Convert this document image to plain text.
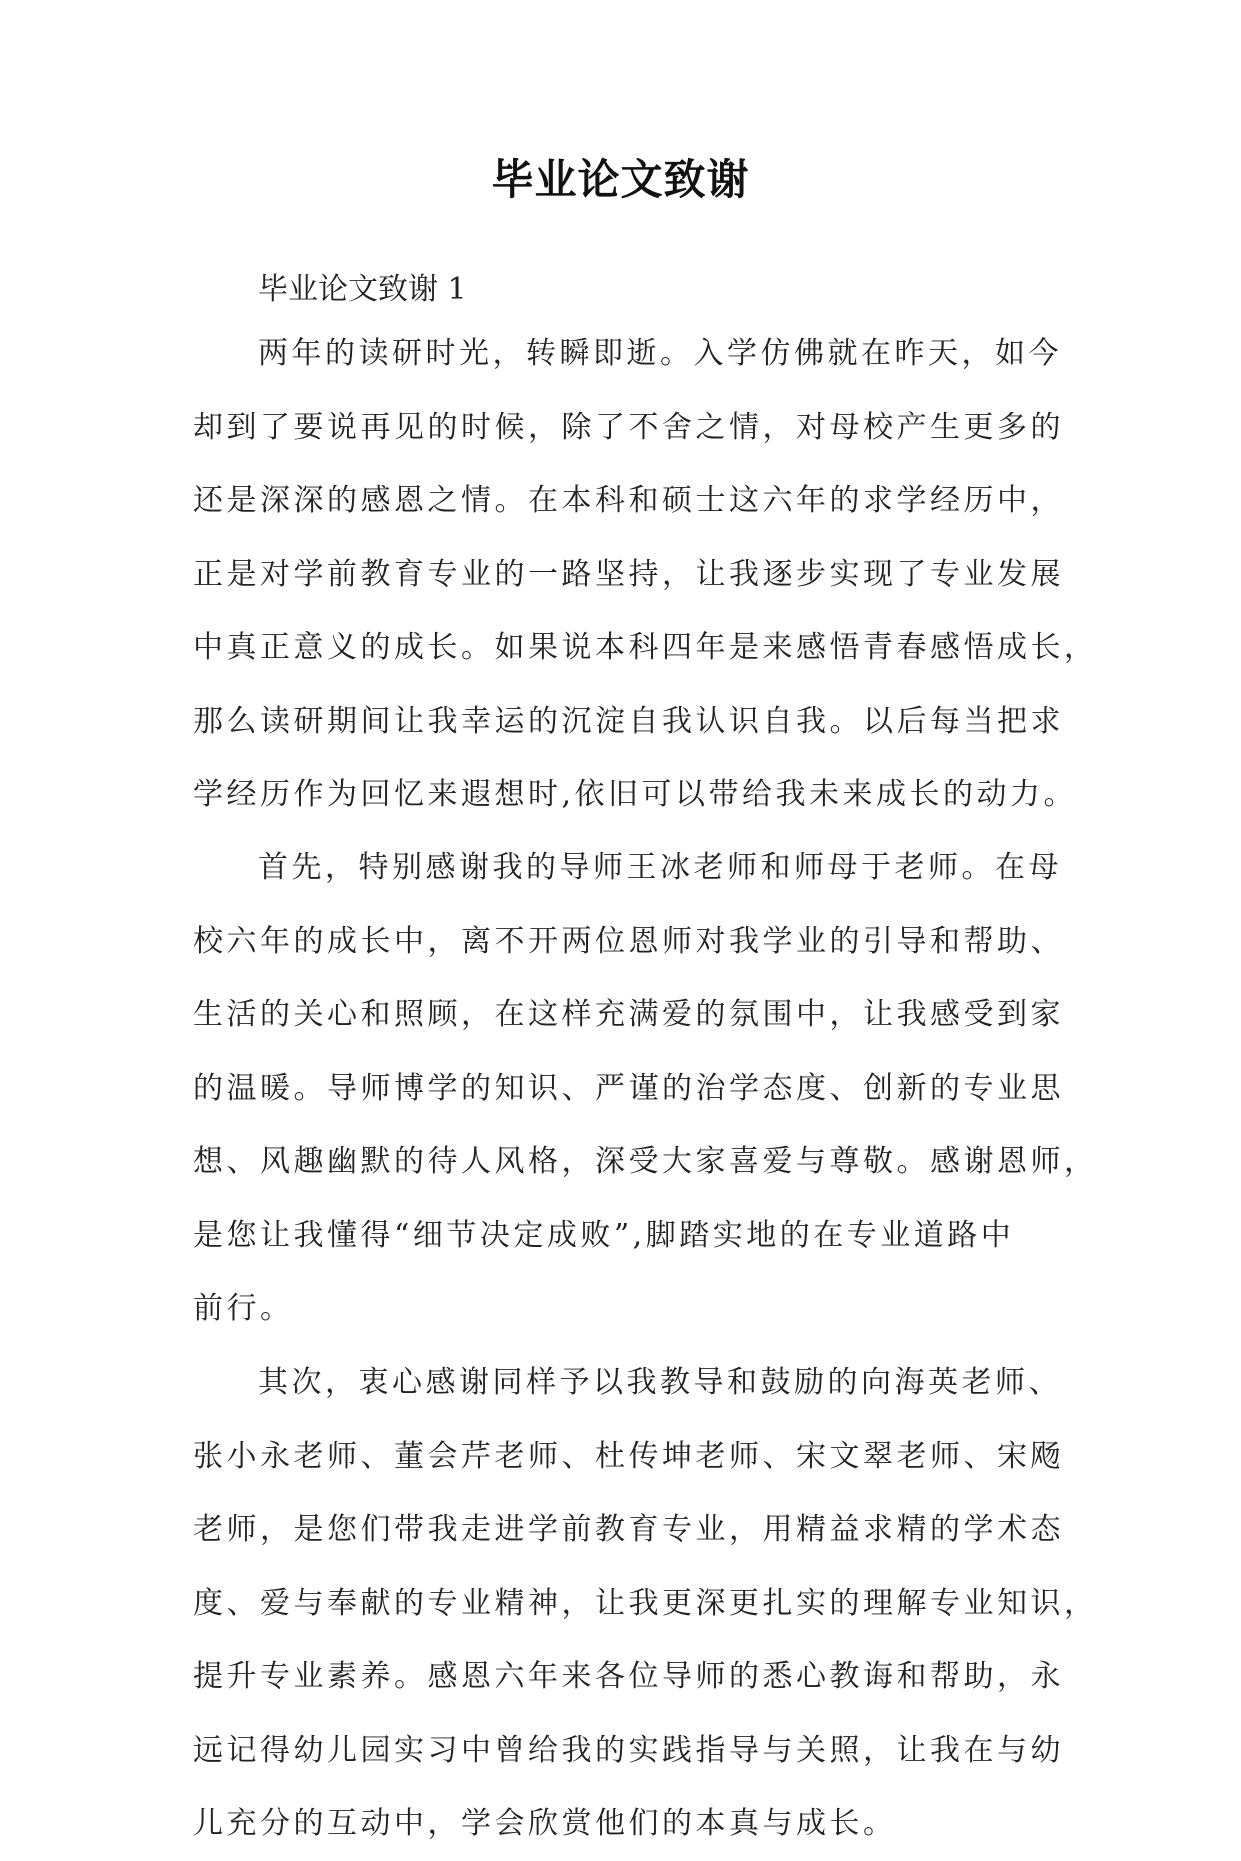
毕业论文致谢
毕业论文致谢 1

两年的读研时光，转瞬即逝。入学仿佛就在昨天，如今
却到了要说再见的时候，除了不舍之情，对母校产生更多的
还是深深的感恩之情。在本科和硕士这六年的求学经历中，
正是对学前教育专业的一路坚持，让我逐步实现了专业发展
中真正意义的成长。如果说本科四年是来感悟青春感悟成长，
那么读研期间让我幸运的沉淀自我认识自我。以后每当把求
学经历作为回忆来遐想时,依旧可以带给我未来成长的动力。

首先，特别感谢我的导师王冰老师和师母于老师。在母
校六年的成长中，离不开两位恩师对我学业的引导和帮助、
生活的关心和照顾，在这样充满爱的氛围中，让我感受到家
的温暖。导师博学的知识、严谨的治学态度、创新的专业思
想、风趣幽默的待人风格，深受大家喜爱与尊敬。感谢恩师，
是您让我懂得“细节决定成败”,脚踏实地的在专业道路中
前行。

其次，衷心感谢同样予以我教导和鼓励的向海英老师、
张小永老师、董会芹老师、杜传坤老师、宋文翠老师、宋飏
老师，是您们带我走进学前教育专业，用精益求精的学术态
度、爱与奉献的专业精神，让我更深更扎实的理解专业知识，
提升专业素养。感恩六年来各位导师的悉心教诲和帮助，永
远记得幼儿园实习中曾给我的实践指导与关照，让我在与幼
儿充分的互动中，学会欣赏他们的本真与成长。
